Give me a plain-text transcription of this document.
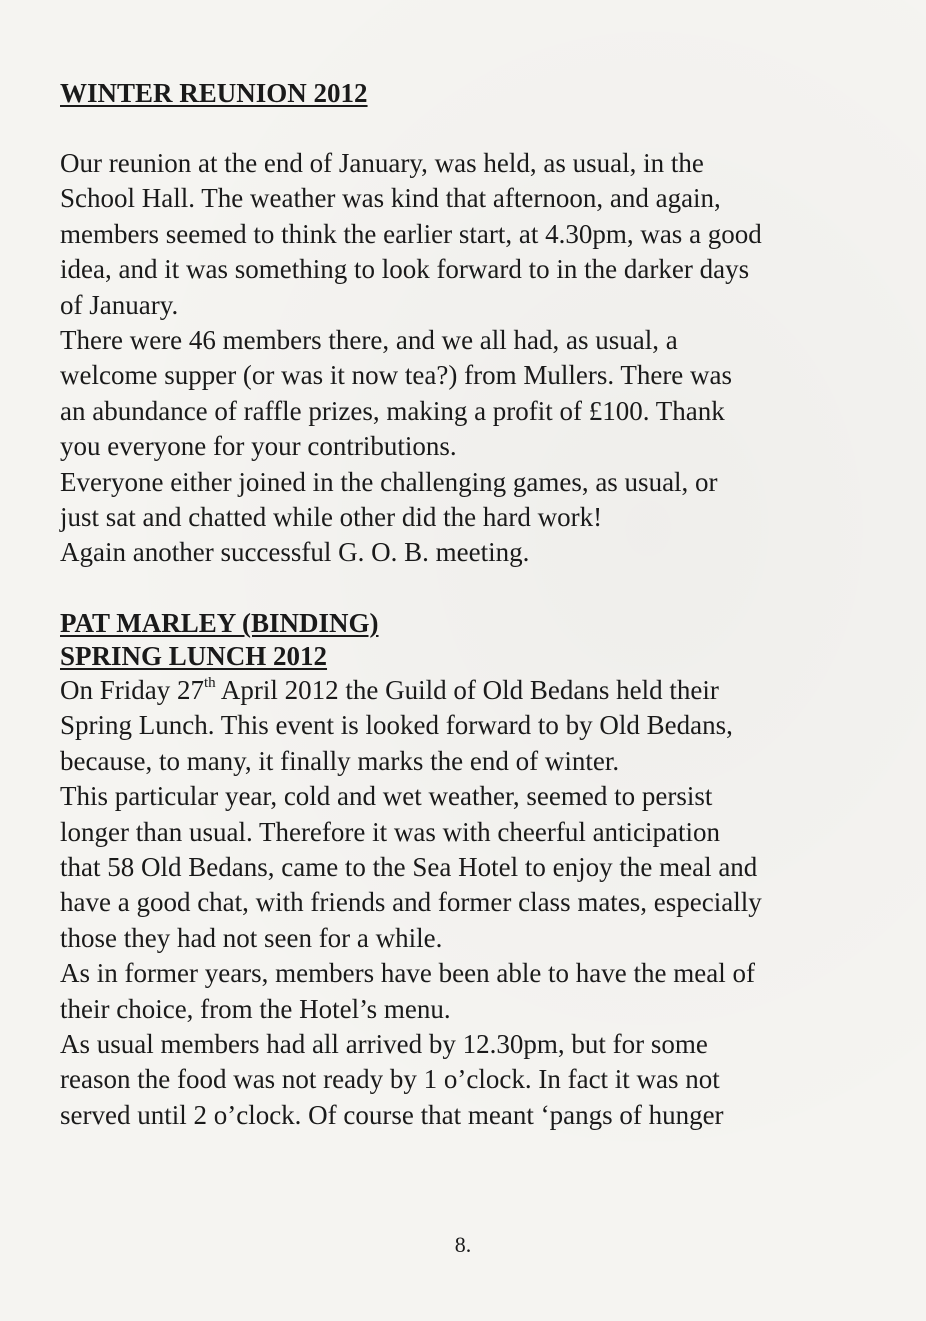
WINTER REUNION 2012

Our reunion at the end of January, was held, as usual, in the

School Hall. The weather was kind that afternoon, and again,

members seemed to think the earlier start, at 4.30pm, was a good

idea, and it was something to look forward to in the darker days

of January.

There were 46 members there, and we all had, as usual, a

welcome supper (or was it now tea?) from Mullers. There was

an abundance of raffle prizes, making a profit of £100. Thank

you everyone for your contributions.

Everyone either joined in the challenging games, as usual, or

just sat and chatted while other did the hard work!

Again another successful G. O. B. meeting.

PAT MARLEY (BINDING)
SPRING LUNCH 2012

On Friday 27th April 2012 the Guild of Old Bedans held their

Spring Lunch. This event is looked forward to by Old Bedans,

because, to many, it finally marks the end of winter.

This particular year, cold and wet weather, seemed to persist

longer than usual. Therefore it was with cheerful anticipation

that 58 Old Bedans, came to the Sea Hotel to enjoy the meal and

have a good chat, with friends and former class mates, especially

those they had not seen for a while.

As in former years, members have been able to have the meal of

their choice, from the Hotel’s menu.

As usual members had all arrived by 12.30pm, but for some

reason the food was not ready by 1 o’clock. In fact it was not

served until 2 o’clock. Of course that meant ‘pangs of hunger

8.
